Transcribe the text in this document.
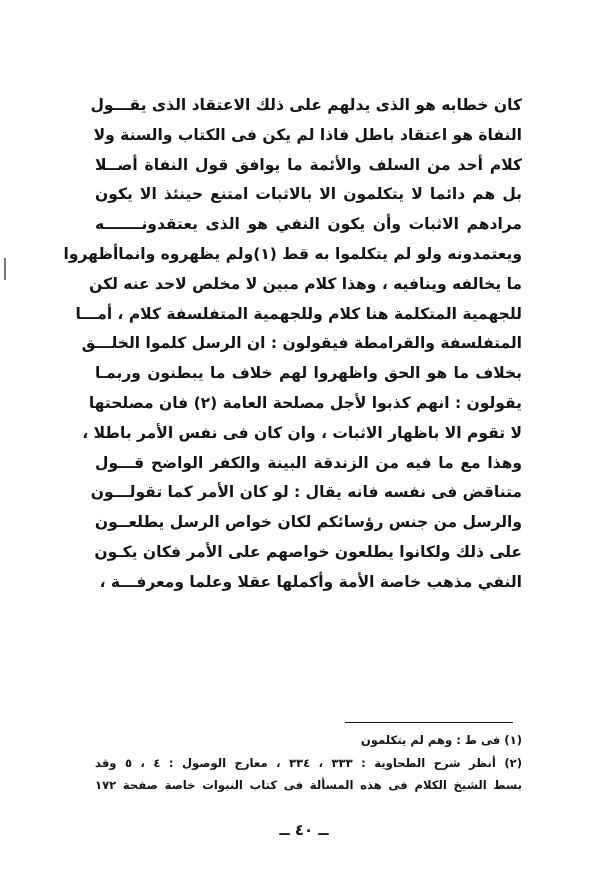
كان خطابه هو الذى يدلهم على ذلك الاعتقاد الذى يقـــول
النفاة هو اعتقاد باطل فاذا لم يكن فى الكتاب والسنة ولا
كلام أحد من السلف والأئمة ما يوافق قول النفاة أصــلا
بل هم دائما لا يتكلمون الا بالاثبات امتنع حينئذ الا يكون
مرادهم الاثبات وأن يكون النفي هو الذى يعتقدونـــــــه
ويعتمدونه ولو لم يتكلموا به قط (١)ولم يظهروه وانماأظهروا
ما يخالفه وينافيه ، وهذا كلام مبين لا مخلص لاحد عنه لكن
للجهمية المتكلمة هنا كلام وللجهمية المتفلسفة كلام ، أمـــا
المتفلسفة والقرامطة فيقولون : ان الرسل كلموا الخلـــق
بخلاف ما هو الحق واظهروا لهم خلاف ما يبطنون وربمـا
يقولون : انهم كذبوا لأجل مصلحة العامة (٢) فان مصلحتها
لا تقوم الا باظهار الاثبات ، وان كان فى نفس الأمر باطلا ،
وهذا مع ما فيه من الزندقة البينة والكفر الواضح قـــول
متناقض فى نفسه فانه يقال : لو كان الأمر كما تقولـــون
والرسل من جنس رؤسائكم لكان خواص الرسل يطلعــون
على ذلك ولكانوا يطلعون خواصهم على الأمر فكان يكـون
النفي مذهب خاصة الأمة وأكملها عقلا وعلما ومعرفـــة ،
(١) فى ط : وهم لم يتكلمون
(٢) أنظر شرح الطحاوية : ٣٣٣ ، ٣٣٤ ، معارج الوصول : ٤ ، ٥ وقد
بسط الشيخ الكلام فى هذه المسألة فى كتاب النبوات خاصة صفحة ١٧٢
ــ ٤٠ ــ
